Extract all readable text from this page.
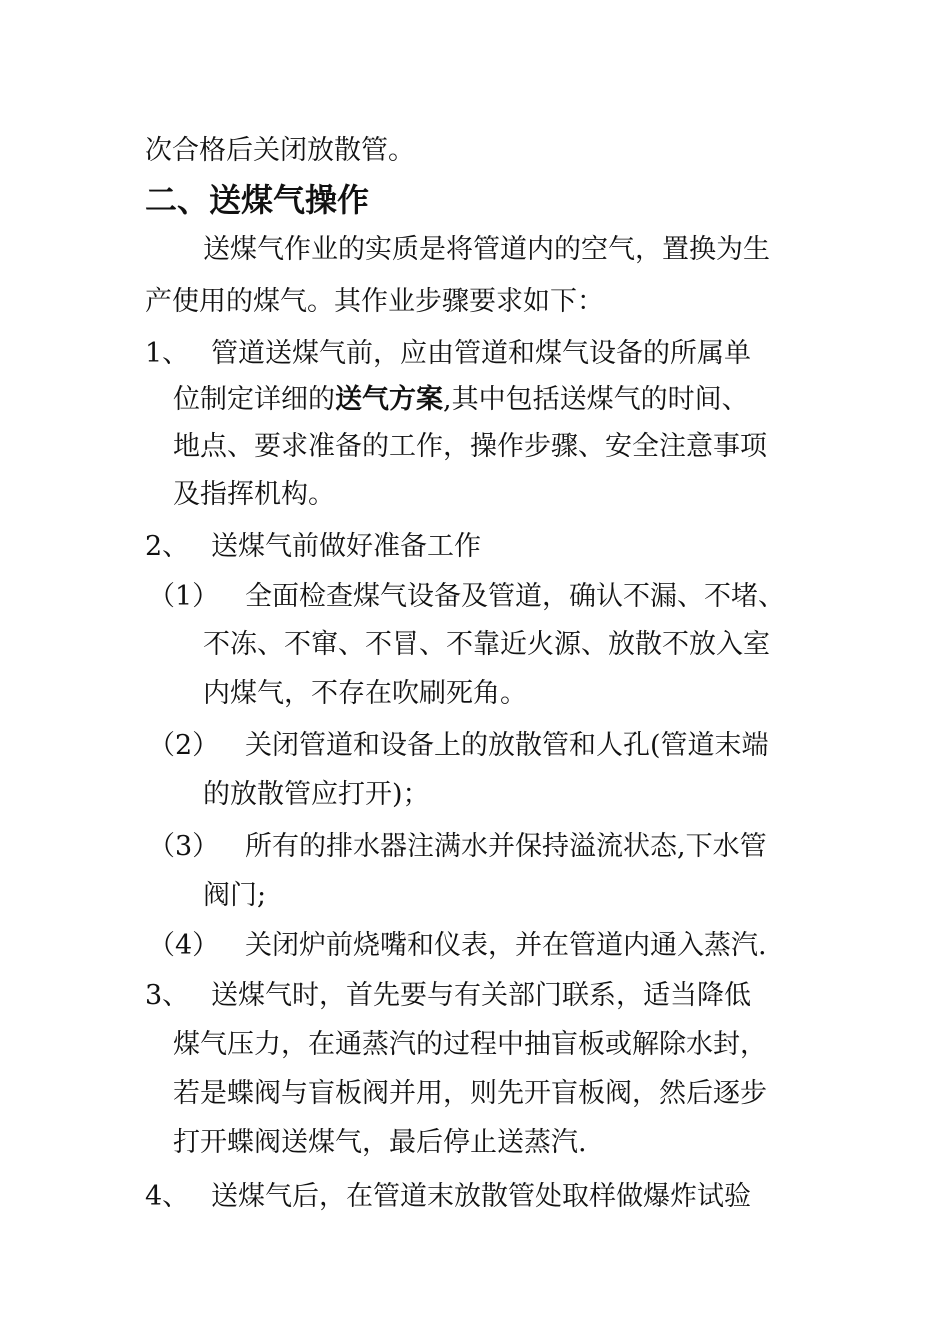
次合格后关闭放散管。
二、送煤气操作
送煤气作业的实质是将管道内的空气，置换为生
产使用的煤气。其作业步骤要求如下：
1、 管道送煤气前，应由管道和煤气设备的所属单
位制定详细的送气方案,其中包括送煤气的时间、
地点、要求准备的工作，操作步骤、安全注意事项
及指挥机构。
2、 送煤气前做好准备工作
（1） 全面检查煤气设备及管道，确认不漏、不堵、
不冻、不窜、不冒、不靠近火源、放散不放入室
内煤气，不存在吹刷死角。
（2） 关闭管道和设备上的放散管和人孔(管道末端
的放散管应打开)；
（3） 所有的排水器注满水并保持溢流状态,下水管
阀门;
（4） 关闭炉前烧嘴和仪表，并在管道内通入蒸汽.
3、 送煤气时，首先要与有关部门联系，适当降低
煤气压力，在通蒸汽的过程中抽盲板或解除水封，
若是蝶阀与盲板阀并用，则先开盲板阀，然后逐步
打开蝶阀送煤气，最后停止送蒸汽.
4、 送煤气后，在管道末放散管处取样做爆炸试验
